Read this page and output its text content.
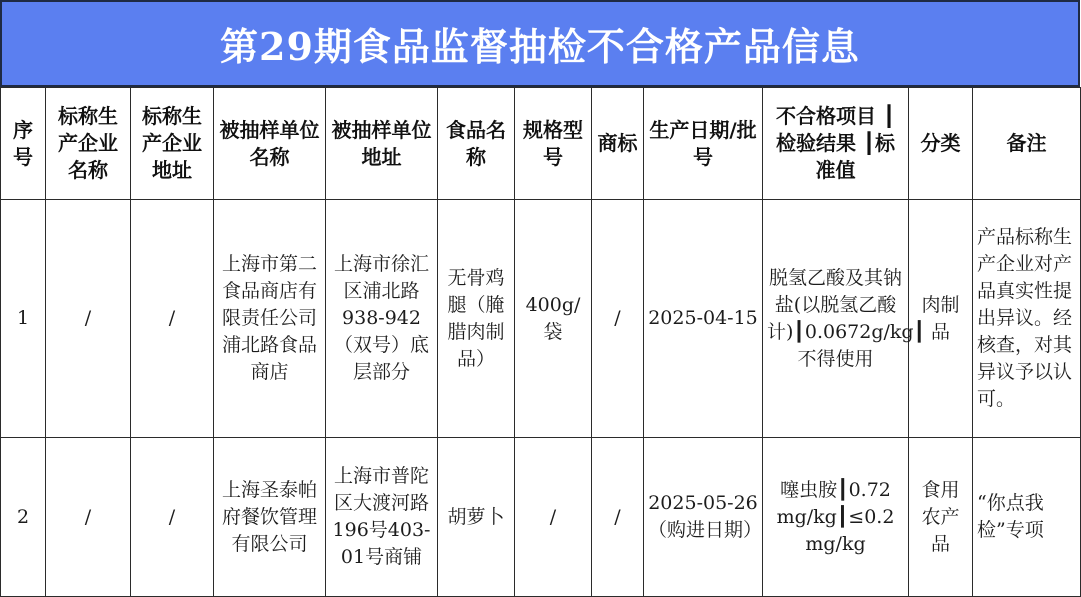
第29期食品监督抽检不合格产品信息
序号	标称生产企业名称	标称生产企业地址	被抽样单位名称	被抽样单位地址	食品名称	规格型号	商标	生产日期/批号	不合格项目 ┃检验结果 ┃标准值	分类	备注
1	/	/	上海市第二食品商店有限责任公司浦北路食品商店	上海市徐汇区浦北路938-942（双号）底层部分	无骨鸡腿（腌腊肉制品）	400g/袋	/	2025-04-15	脱氢乙酸及其钠盐(以脱氢乙酸计)┃0.0672g/kg┃不得使用	肉制品	产品标称生产企业对产品真实性提出异议。经核查，对其异议予以认可。
2	/	/	上海圣泰帕府餐饮管理有限公司	上海市普陀区大渡河路196号403-01号商铺	胡萝卜	/	/	2025-05-26（购进日期）	噻虫胺┃0.72 mg/kg┃≤0.2 mg/kg	食用农产品	“你点我检”专项
